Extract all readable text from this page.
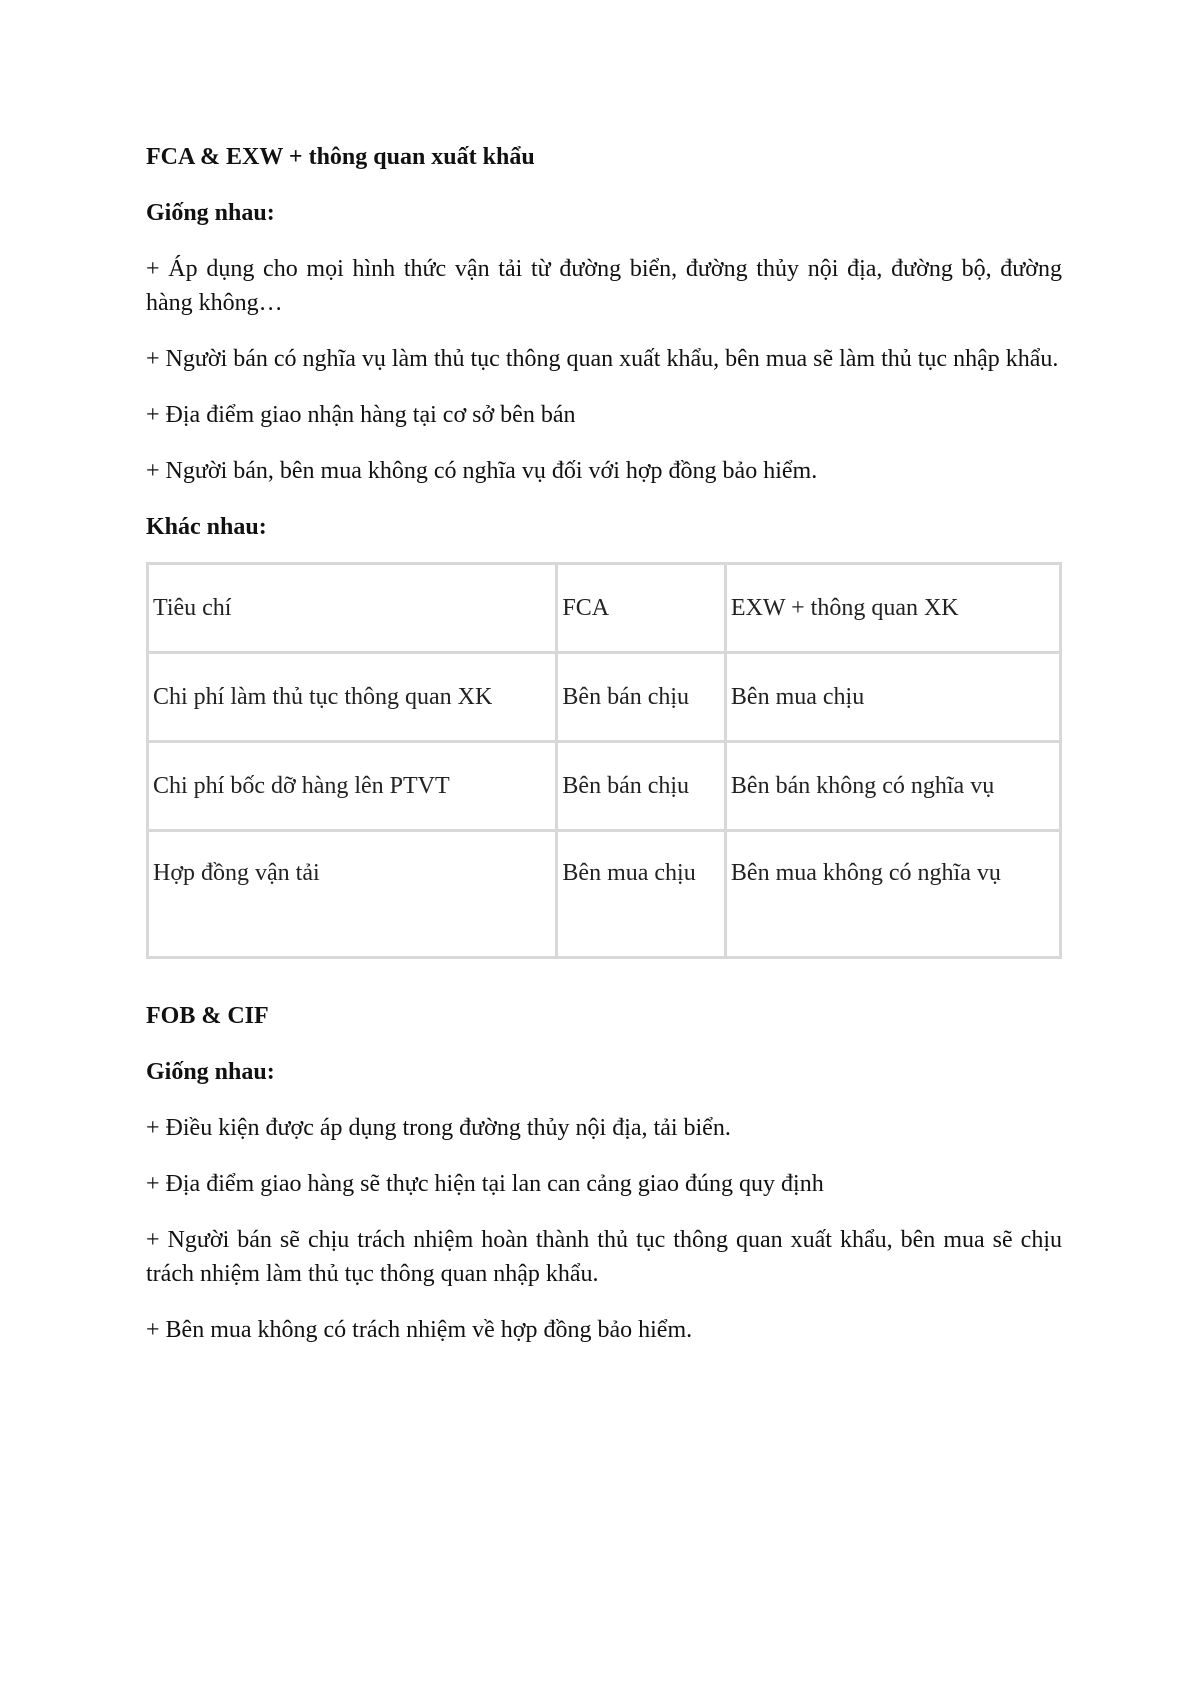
FCA & EXW + thông quan xuất khẩu
Giống nhau:

+ Áp dụng cho mọi hình thức vận tải từ đường biển, đường thủy nội địa, đường bộ, đường hàng không…

+ Người bán có nghĩa vụ làm thủ tục thông quan xuất khẩu, bên mua sẽ làm thủ tục nhập khẩu.

+ Địa điểm giao nhận hàng tại cơ sở bên bán

+ Người bán, bên mua không có nghĩa vụ đối với hợp đồng bảo hiểm.

Khác nhau:
Tiêu chí	FCA	EXW + thông quan XK
Chi phí làm thủ tục thông quan XK	Bên bán chịu	Bên mua chịu
Chi phí bốc dỡ hàng lên PTVT	Bên bán chịu	Bên bán không có nghĩa vụ
Hợp đồng vận tải	Bên mua chịu	Bên mua không có nghĩa vụ
FOB & CIF
Giống nhau:

+ Điều kiện được áp dụng trong đường thủy nội địa, tải biển.

+ Địa điểm giao hàng sẽ thực hiện tại lan can cảng giao đúng quy định

+ Người bán sẽ chịu trách nhiệm hoàn thành thủ tục thông quan xuất khẩu, bên mua sẽ chịu trách nhiệm làm thủ tục thông quan nhập khẩu.

+ Bên mua không có trách nhiệm về hợp đồng bảo hiểm.
